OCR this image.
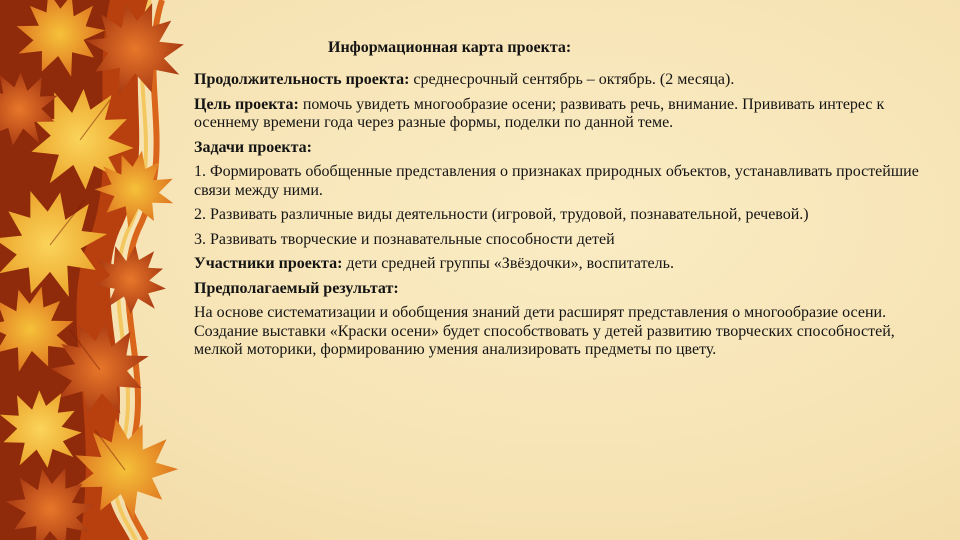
Информационная карта проекта:

Продолжительность проекта: среднесрочный сентябрь – октябрь. (2 месяца).

Цель проекта: помочь увидеть многообразие осени; развивать речь, внимание. Прививать интерес к осеннему времени года через разные формы, поделки по данной теме.

Задачи проекта:

1. Формировать обобщенные представления о признаках природных объектов, устанавливать простейшие связи между ними.

2. Развивать различные виды деятельности (игровой, трудовой, познавательной, речевой.)

3. Развивать творческие и познавательные способности детей

Участники проекта: дети средней группы «Звёздочки», воспитатель.

Предполагаемый результат:

На основе систематизации и обобщения знаний дети расширят представления о многообразие осени. Создание выставки «Краски осени» будет способствовать у детей развитию творческих способностей, мелкой моторики, формированию умения анализировать предметы по цвету.
